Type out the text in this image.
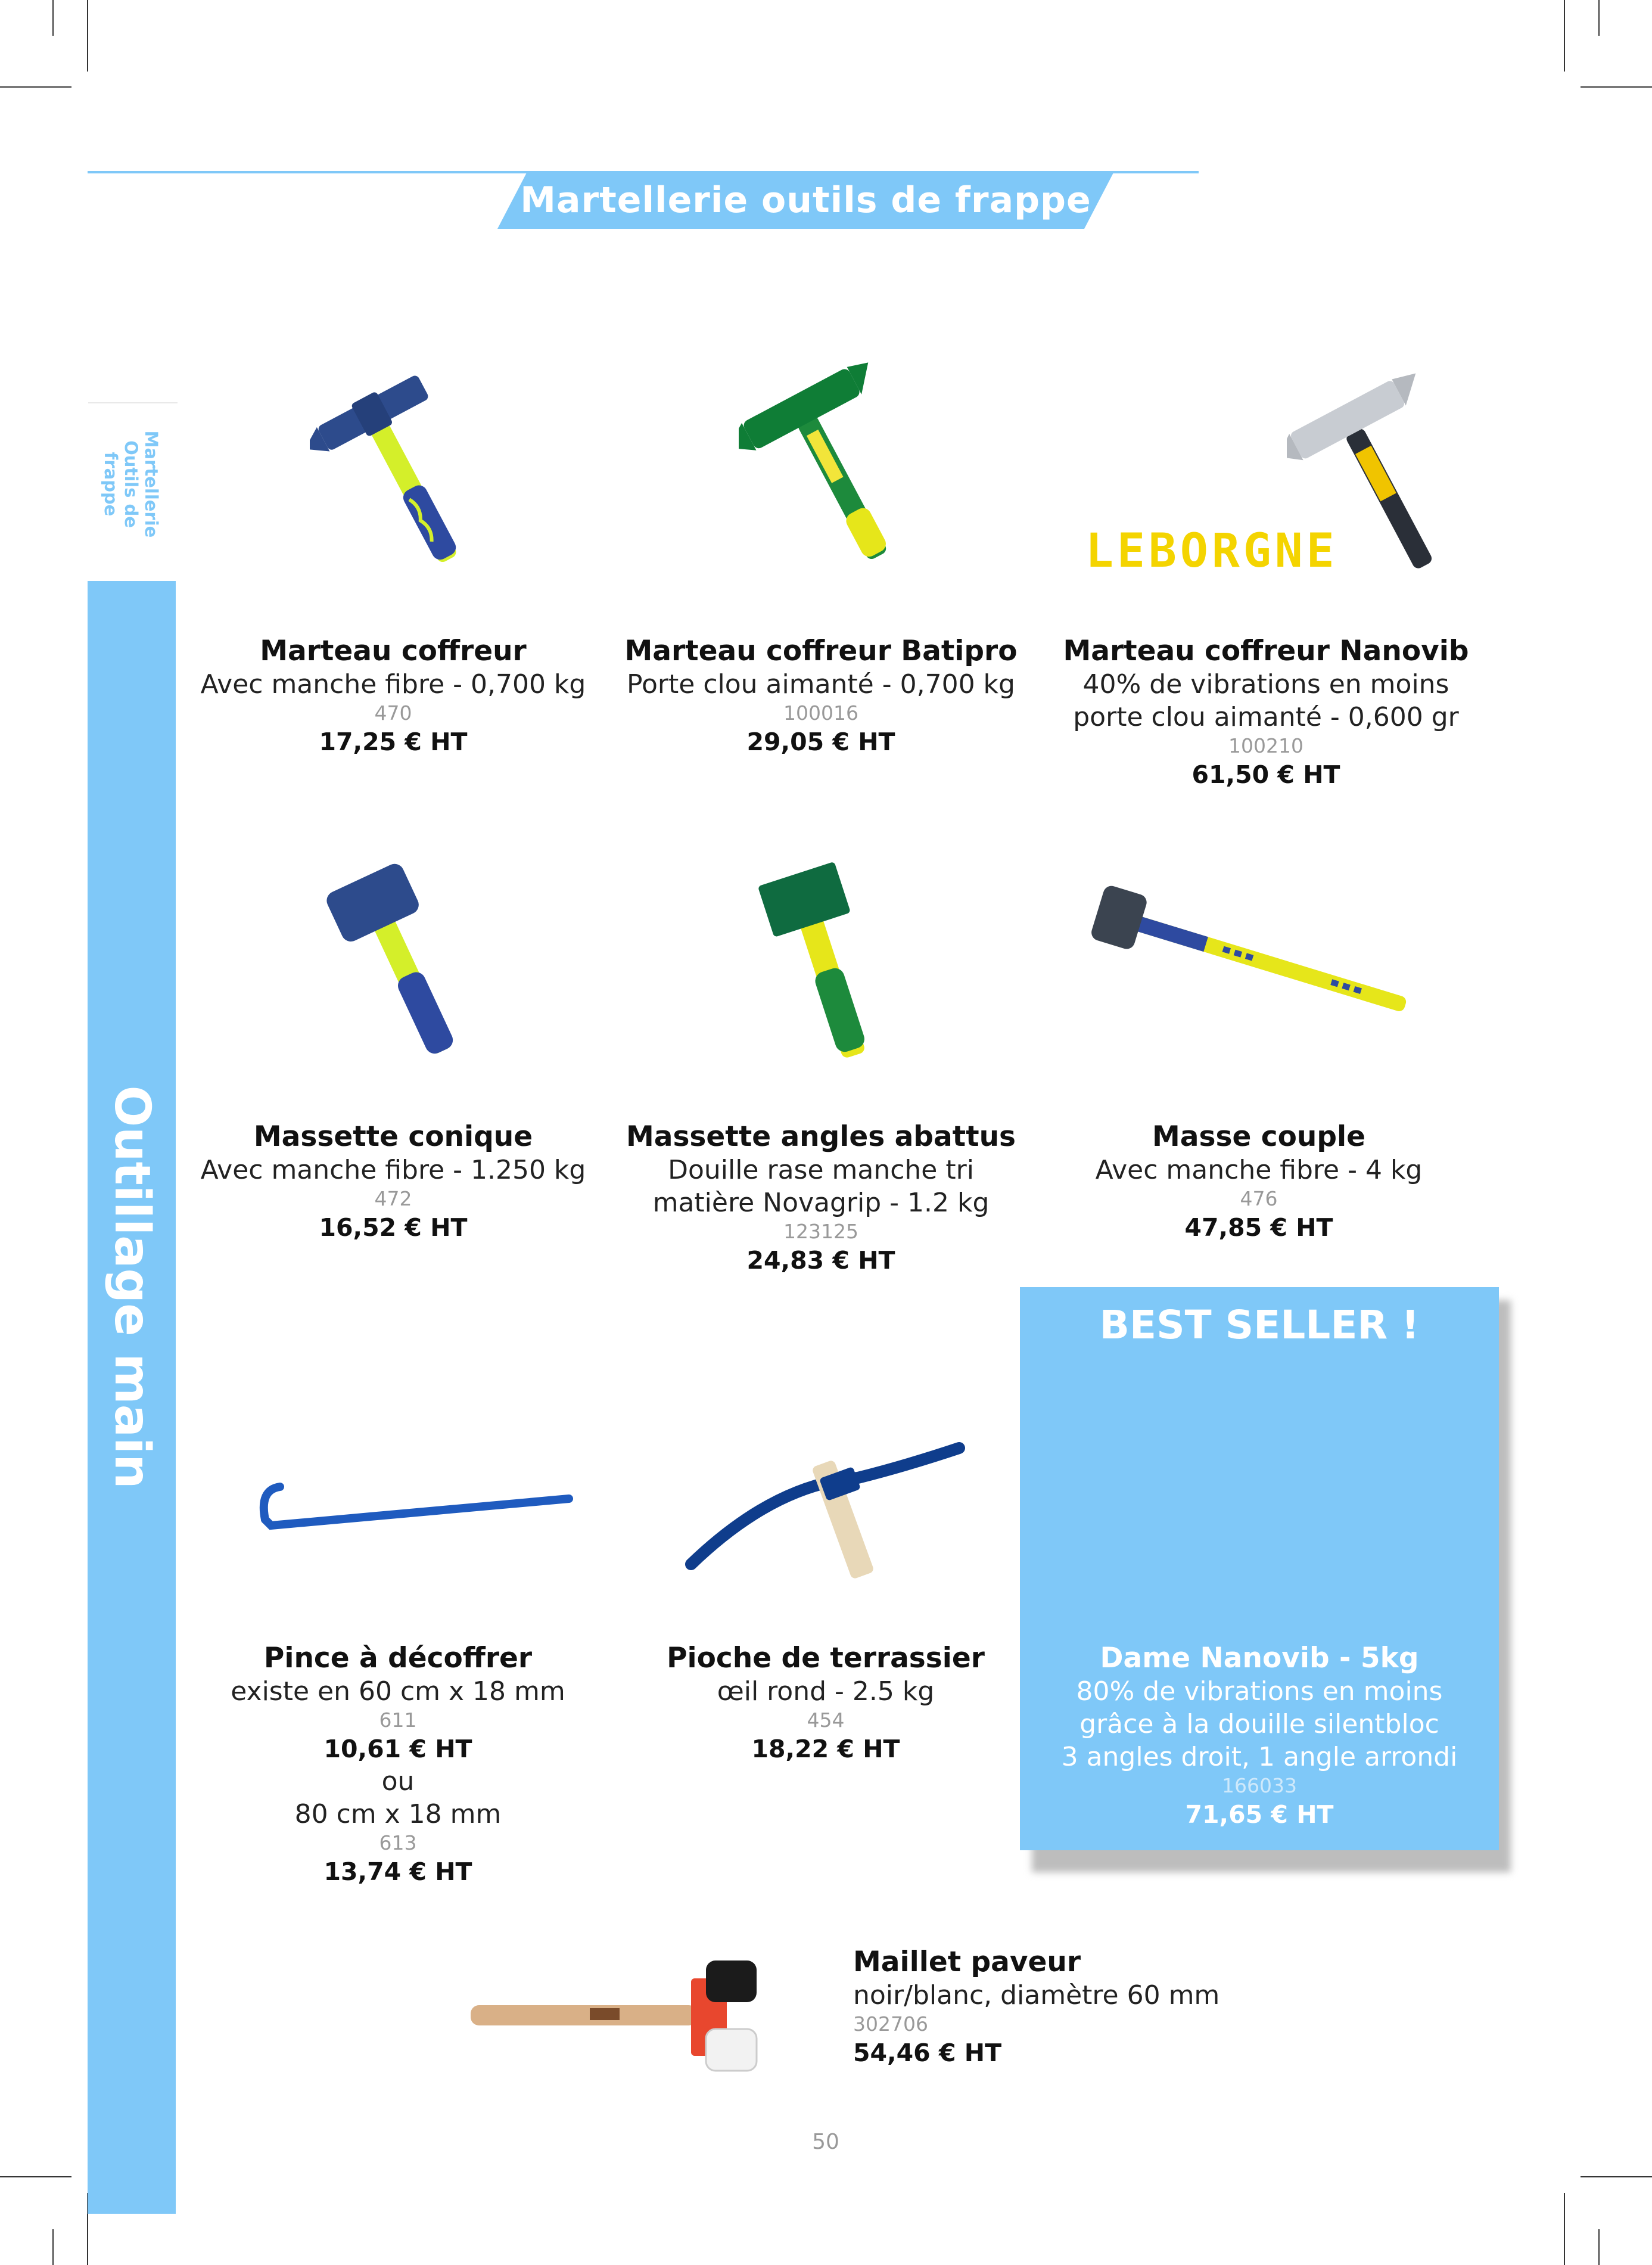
Martellerie outils de frappe
Martellerie
Outils de frappe
Outillage main
LEBORGNE
Marteau coffreur
Avec manche fibre - 0,700 kg
470
17,25 € HT
Marteau coffreur Batipro
Porte clou aimanté - 0,700 kg
100016
29,05 € HT
Marteau coffreur Nanovib
40% de vibrations en moins
porte clou aimanté - 0,600 gr
100210
61,50 € HT
Massette conique
Avec manche fibre - 1.250 kg
472
16,52 € HT
Massette angles abattus
Douille rase manche tri
matière Novagrip - 1.2 kg
123125
24,83 € HT
Masse couple
Avec manche fibre - 4 kg
476
47,85 € HT
Pince à décoffrer
existe en 60 cm x 18 mm
611
10,61 € HT
ou
80 cm x 18 mm
613
13,74 € HT
Pioche de terrassier
œil rond - 2.5 kg
454
18,22 € HT
BEST SELLER !
Dame Nanovib - 5kg
80% de vibrations en moins
grâce à la douille silentbloc
3 angles droit, 1 angle arrondi
166033
71,65 € HT
Maillet paveur
noir/blanc, diamètre 60 mm
302706
54,46 € HT
50
